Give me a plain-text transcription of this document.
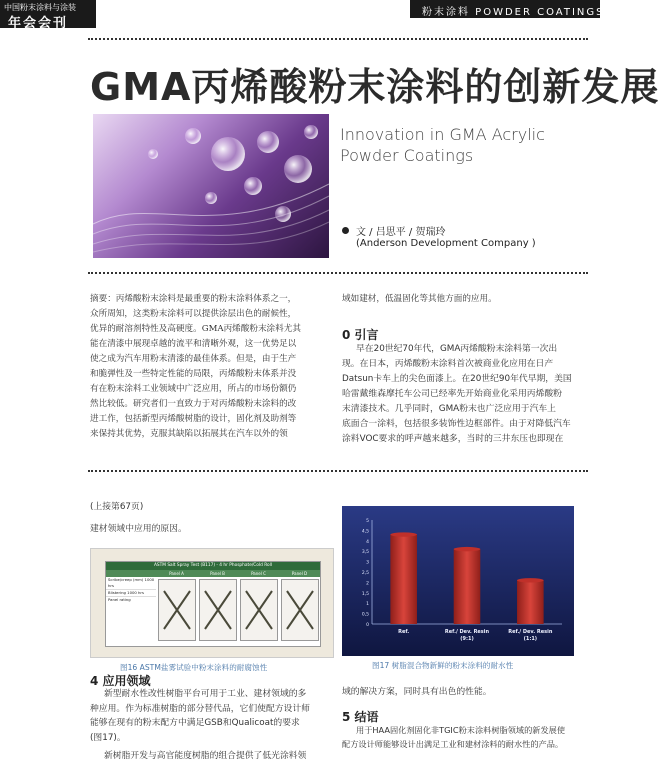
中国粉末涂料与涂装
年会会刊
粉末涂料 POWDER COATINGS
GMA丙烯酸粉末涂料的创新发展
Innovation in GMA Acrylic
Powder Coatings
文 / 吕思平 / 贺瑞玲
(Anderson Development Company )
摘要：丙烯酸粉末涂料是最重要的粉末涂料体系之一，
众所周知，这类粉末涂料可以提供涂层出色的耐候性，
优异的耐溶剂特性及高硬度。GMA丙烯酸粉末涂料尤其
能在清漆中展现卓越的流平和清晰外观，这一优势足以
使之成为汽车用粉末清漆的最佳体系。但是，由于生产
和脆弹性及一些特定性能的局限，丙烯酸粉末体系并没
有在粉末涂料工业领域中广泛应用，所占的市场份额仍
然比较低。研究者们一直致力于对丙烯酸粉末涂料的改
进工作，包括新型丙烯酸树脂的设计，固化剂及助剂等
来保持其优势，克服其缺陷以拓展其在汽车以外的领
域如建材，低温固化等其他方面的应用。
0 引言
早在20世纪70年代，GMA丙烯酸粉末涂料第一次出
现。在日本，丙烯酸粉末涂料首次被商业化应用在日产
Datsun卡车上的尖色面漆上。在20世纪90年代早期，美国
哈雷戴维森摩托车公司已经率先开始商业化采用丙烯酸粉
末清漆技术。几乎同时，GMA粉末也广泛应用于汽车上
底面合一涂料，包括很多装饰性边框部件。由于对降低汽车
涂料VOC要求的呼声越来越多，当时的三井东压也即现在
(上接第67页)
建材领域中应用的原因。
ASTM Salt Spray Test (B117) - 4 hr Phosphate/Cold Roll
Panel A	Panel B	Panel C	Panel D
Scribe/creep (mm) 1000 hrs
Blistering 1000 hrs
Panel rating
图16 ASTM盐雾试验中粉末涂料的耐腐蚀性
0
0,5
1
1,5
2
2,5
3
3,5
4
4,5
5
Ref.	Ref./ Dev. Resin
(9:1)
Ref./ Dev. Resin
(1:1)
图17 树脂混合物新鲜的粉末涂料的耐水性
4 应用领域
新型耐水性改性树脂平台可用于工业、建材领域的多
种应用。作为标准树脂的部分替代品，它们使配方设计师
能够在现有的粉末配方中满足GSB和Qualicoat的要求
(图17)。
新树脂开发与高官能度树脂的组合提供了低光涂料领
域的解决方案，同时具有出色的性能。
5 结语
用于HAA固化剂固化非TGIC粉末涂料树脂领域的新发展使
配方设计师能够设计出满足工业和建材涂料的耐水性的产品。
